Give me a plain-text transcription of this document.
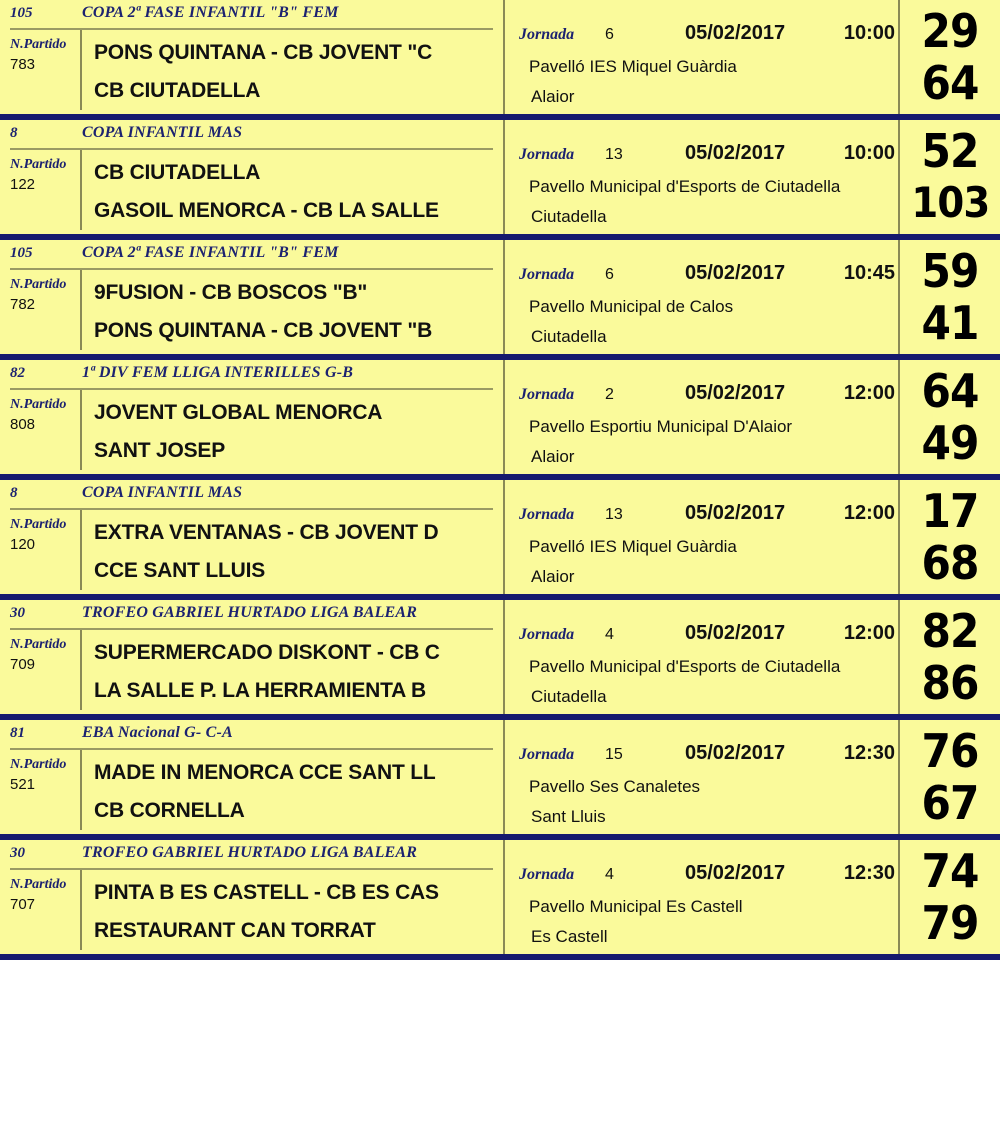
105	COPA 2ª FASE INFANTIL "B" FEM
N.Partido
783
PONS QUINTANA - CB JOVENT "C
CB CIUTADELLA
Jornada	6	05/02/2017	10:00
Pavelló IES Miquel Guàrdia
Alaior
29
64
8	COPA INFANTIL MAS
N.Partido
122
CB CIUTADELLA
GASOIL MENORCA - CB LA SALLE
Jornada	13	05/02/2017	10:00
Pavello Municipal d'Esports de Ciutadella
Ciutadella
52
103
105	COPA 2ª FASE INFANTIL "B" FEM
N.Partido
782
9FUSION - CB BOSCOS "B"
PONS QUINTANA - CB JOVENT "B
Jornada	6	05/02/2017	10:45
Pavello Municipal de Calos
Ciutadella
59
41
82	1ª DIV FEM LLIGA INTERILLES G-B
N.Partido
808
JOVENT GLOBAL MENORCA
SANT JOSEP
Jornada	2	05/02/2017	12:00
Pavello Esportiu Municipal D'Alaior
Alaior
64
49
8	COPA INFANTIL MAS
N.Partido
120
EXTRA VENTANAS - CB JOVENT D
CCE SANT LLUIS
Jornada	13	05/02/2017	12:00
Pavelló IES Miquel Guàrdia
Alaior
17
68
30	TROFEO GABRIEL HURTADO LIGA BALEAR
N.Partido
709
SUPERMERCADO DISKONT - CB C
LA SALLE P. LA HERRAMIENTA B
Jornada	4	05/02/2017	12:00
Pavello Municipal d'Esports de Ciutadella
Ciutadella
82
86
81	EBA Nacional G- C-A
N.Partido
521
MADE IN MENORCA CCE SANT LL
CB CORNELLA
Jornada	15	05/02/2017	12:30
Pavello Ses Canaletes
Sant Lluis
76
67
30	TROFEO GABRIEL HURTADO LIGA BALEAR
N.Partido
707
PINTA B ES CASTELL - CB ES CAS
RESTAURANT CAN TORRAT
Jornada	4	05/02/2017	12:30
Pavello Municipal Es Castell
Es Castell
74
79
